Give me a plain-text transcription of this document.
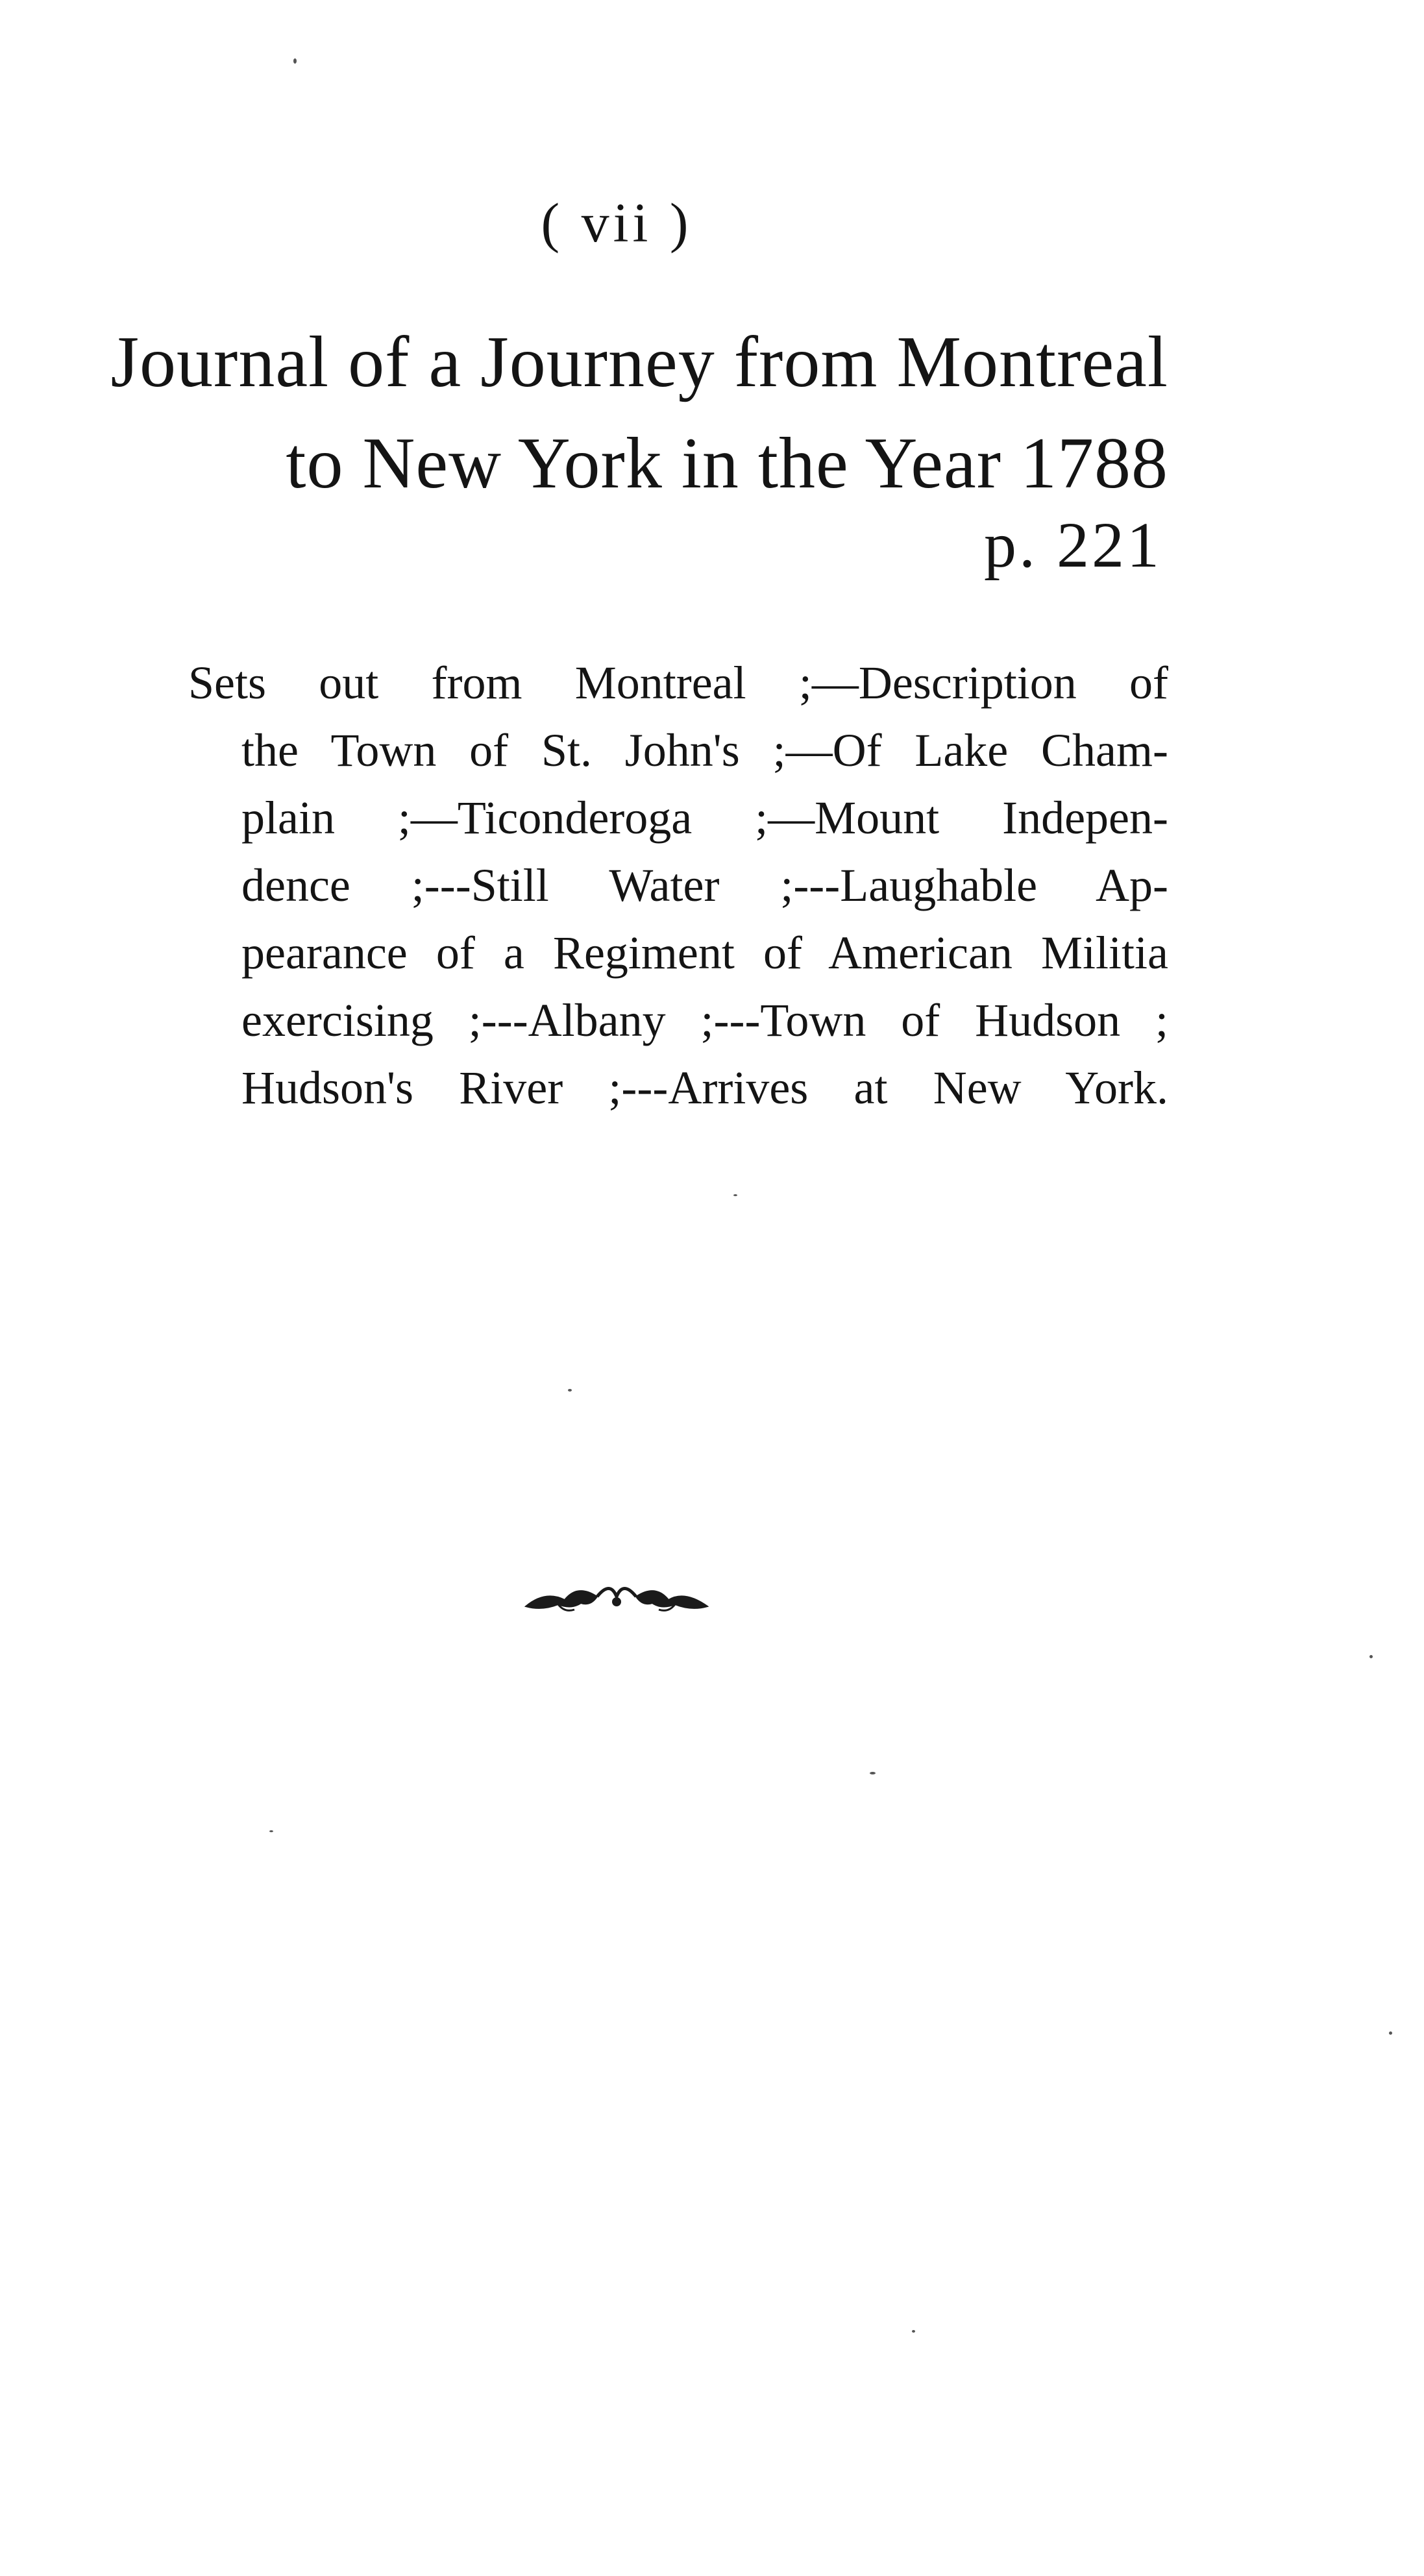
( vii )
Journal of a Journey from Montreal
to New York in the Year 1788
p. 221
Sets out from Montreal ;—Description of
the Town of St. John's ;—Of Lake Cham-
plain ;—Ticonderoga ;—Mount Indepen-
dence ;---Still Water ;---Laughable Ap-
pearance of a Regiment of American Militia
exercising ;---Albany ;---Town of Hudson ;
Hudson's River ;---Arrives at New York.
